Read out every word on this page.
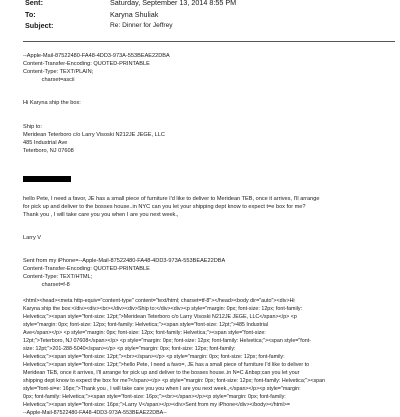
Sent:	Saturday, September 13, 2014 8:55 PM
To:	Karyna Shuliak
Subject:	Re: Dinner for Jeffrey
--Apple-Mail-87522480-FA48-4DD3-973A-553BEAE22DBA
Content-Transfer-Encoding: QUOTED-PRINTABLE
Content-Type: TEXT/PLAIN;
charset=ascii
Hi Karyna ship the box:
Ship to:
Meridean Teterboro c/o Larry Visoski N212JE JEGE, LLC
485 Industrial Ave
Teterboro, NJ 07608
hello Pete, I need a favor, JE has a small piece of furniture I'd like to deliver to Meridean TEB, once it arrives, I'll arrange
for pick up and deliver to the bosses house..in NYC can you let your shipping dept know to expect t=e box for me?
Thank you , I will take care you you when I are you next week.,
Larry V
Sent from my iPhone=--Apple-Mail-87522480-FA48-4DD3-973A-553BEAE22DBA
Content-Transfer-Encoding: QUOTED-PRINTABLE
Content-Type: TEXT/HTML;
charset=f-8
<html><head><meta http-equiv="content-type" content="text/html; charset=tf-8"></head><body dir="auto"><div>Hi
Karyna ship the box:</div><div><br></div><div>Ship to:</div><div><p style="margin: 0px; font-size: 12px; font-family:
Helvetica;"><span style="font-size: 12pt;">Meridean Teterboro c/o Larry Visoski N212JE JEGE, LLC</span></p> <p
style="margin: 0px; font-size: 12px; font-family: Helvetica;"><span style="font-size: 12pt;">485 Industrial
Ave</span></p> <p style="margin: 0px; font-size: 12px; font-family: Helvetica;"><span style="font-size:
12pt;">Teterboro, NJ 07608</span></p> <p style="margin: 0px; font-size: 12px; font-family: Helvetica;"><span style="font-
size: 12pt;">201-288-5040</span></p> <p style="margin: 0px; font-size: 12px; font-family:
Helvetica;"><span style="font-size: 12pt;"><br></span></p> <p style="margin: 0px; font-size: 12px; font-family:
Helvetica;"><span style="font-size: 12pt;">hello Pete, I need a favo=, JE has a small piece of furniture I'd like to deliver to
Meridean TEB, once it arrives, I'll arrange for pick up and deliver to the bosses house..in N=C &nbsp;can you let your
shipping dept know to expect the box for me?</span></p> <p style="margin: 0px; font-size: 12px; font-family: Helvetica;"><span
style="font-si=e: 16px;">Thank you , I will take care you you when I are you next week.,</span></p><p style="margin:
0px; font-family: Helvetica;"><span style="font-size: 16px;"><br></span></p><p style="margin: 0px; font-family:
Helvetica;"><span style="font-size: 16px;">Larry V</span></p><div>Sent from my iPhone</div></body></html>=
--Apple-Mail-87522480-FA48-4DD3-973A-553BEAE22DBA--
